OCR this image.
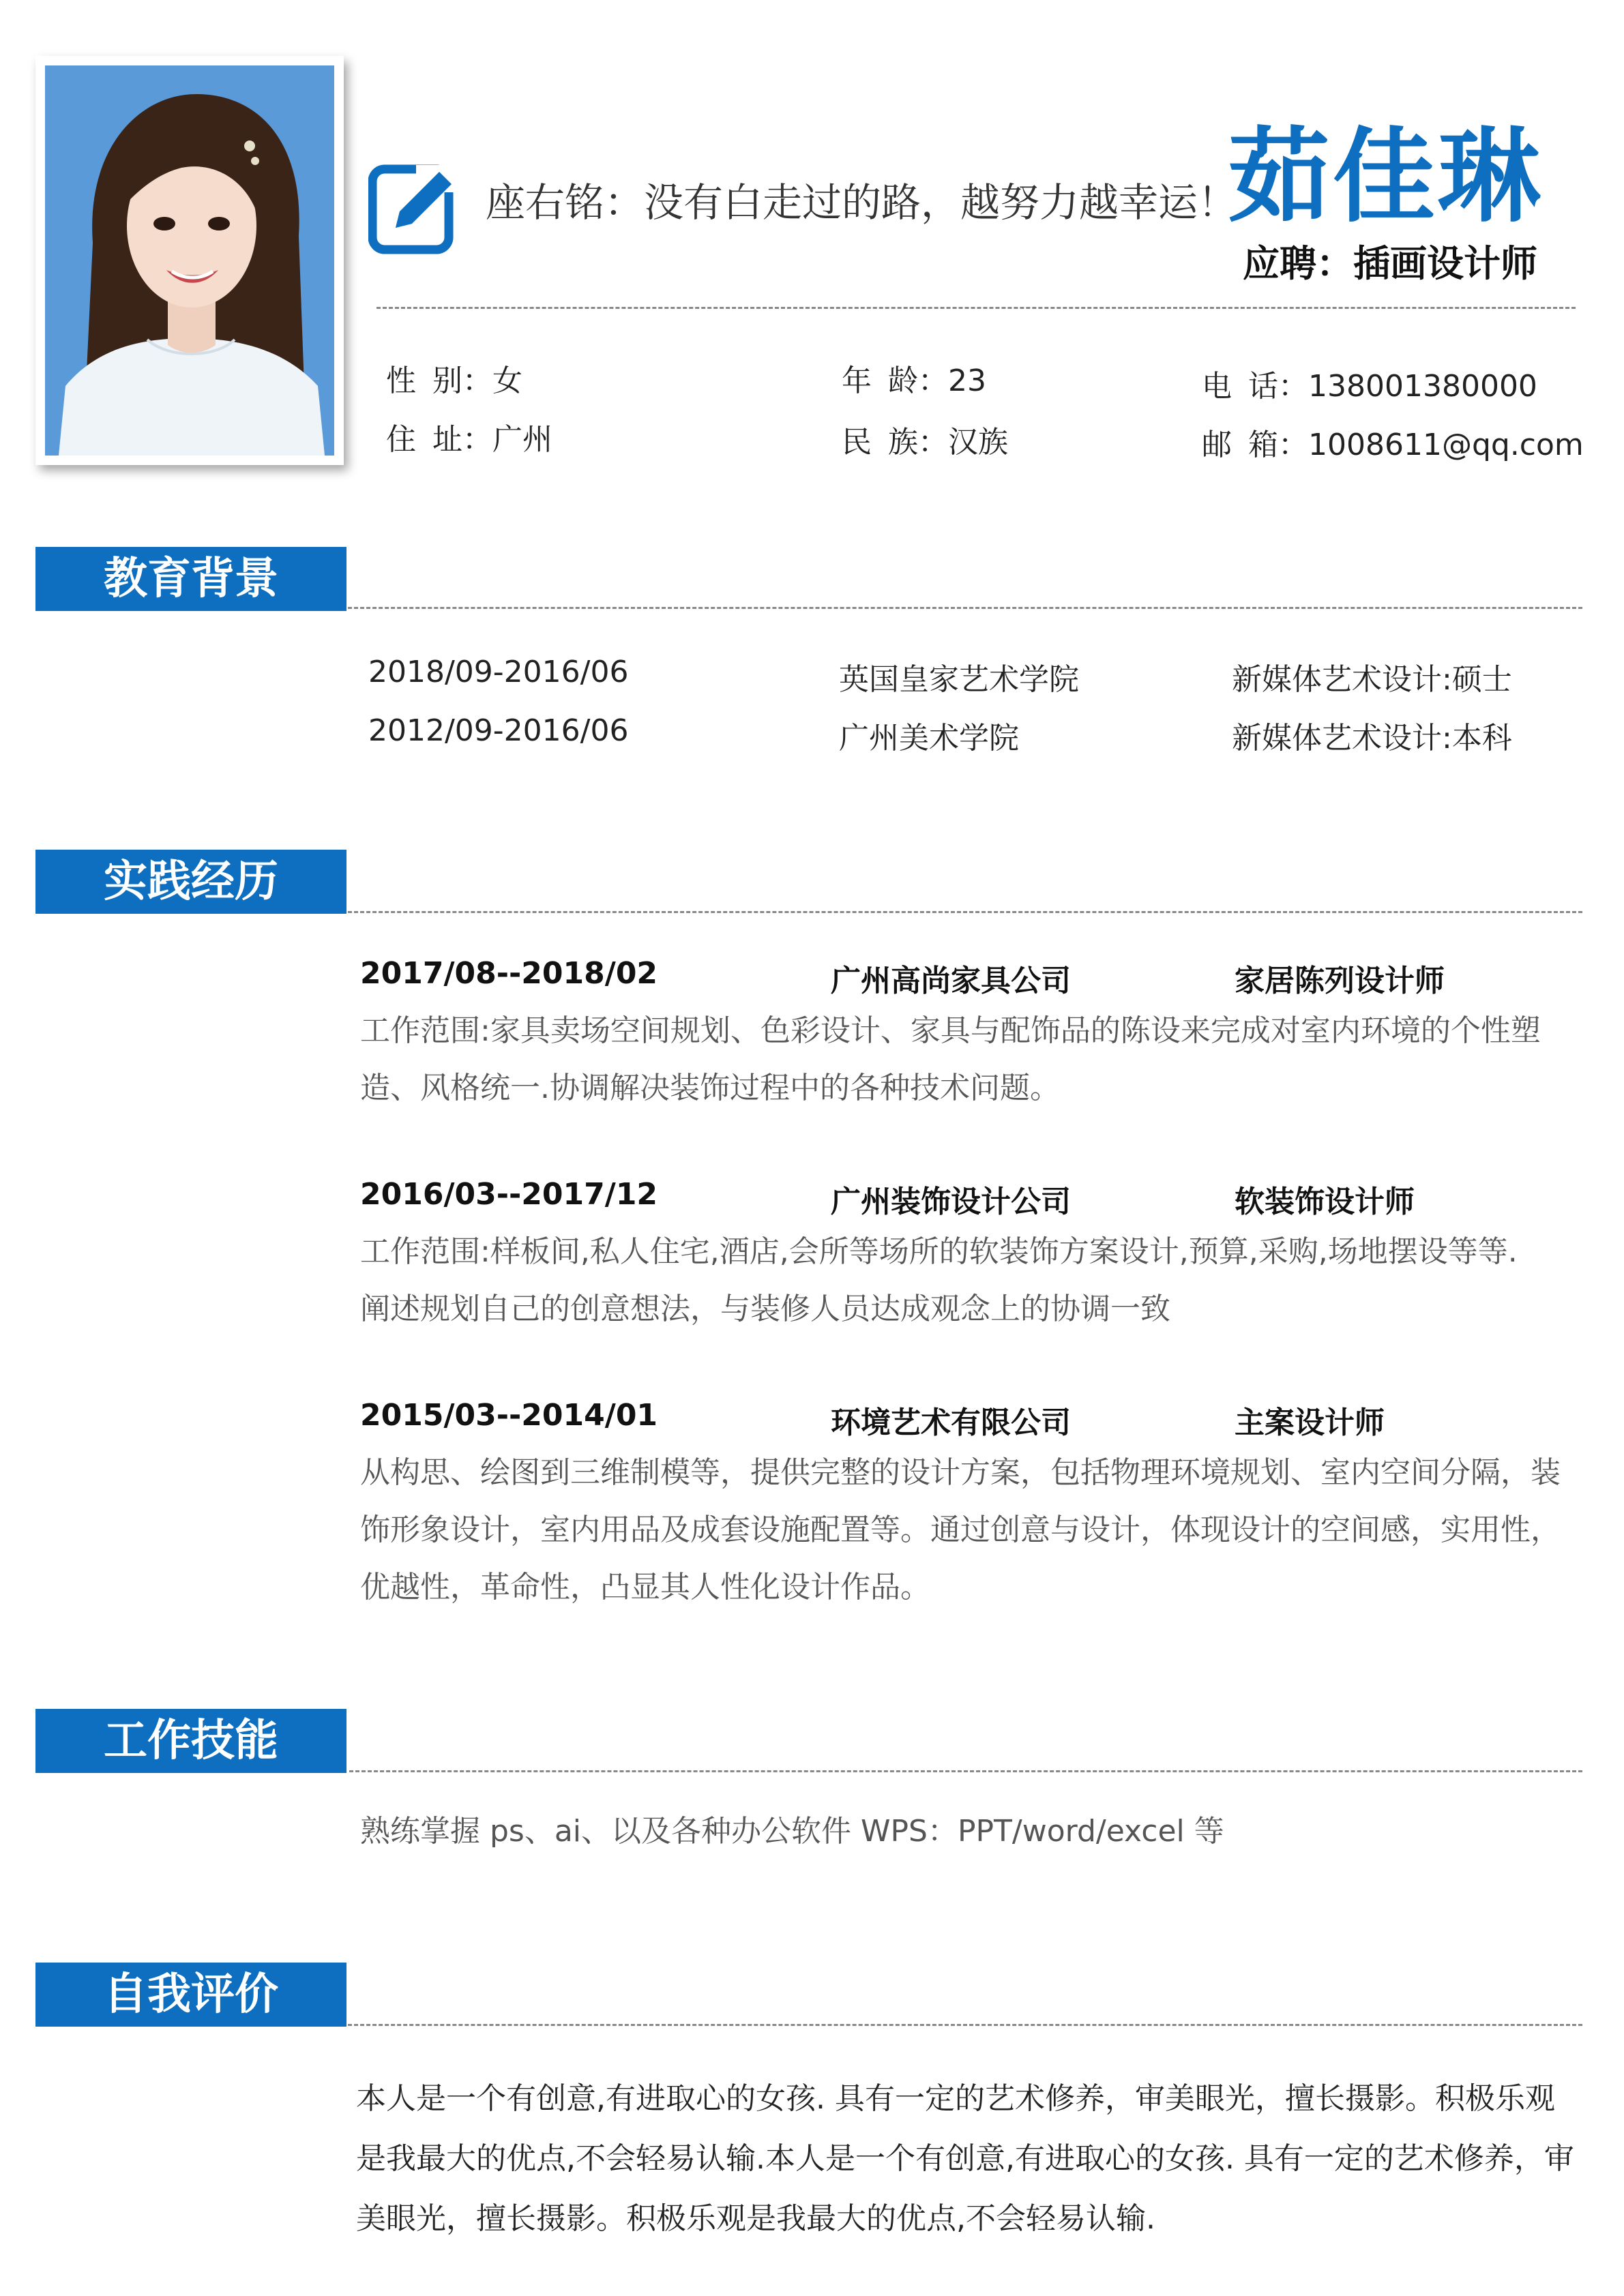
座右铭：没有白走过的路，越努力越幸运！
茹佳琳
应聘 ： 插画设计师
性 别 ： 女	年 龄 ： 23	电 话 ： 138001380000
住 址 ： 广州	民 族 ： 汉族	邮 箱 ： 1008611@qq.com
教育背景
2018/09-2016/06	英国皇家艺术学院	新媒体艺术设计:硕士
2012/09-2016/06	广州美术学院	新媒体艺术设计:本科
实践经历
2017/08--2018/02	广州高尚家具公司	家居陈列设计师
工作范围:家具卖场空间规划、色彩设计、家具与配饰品的陈设来完成对室内环境的个性塑造、风格统一.协调解决装饰过程中的各种技术问题。
2016/03--2017/12	广州装饰设计公司	软装饰设计师
工作范围:样板间,私人住宅,酒店,会所等场所的软装饰方案设计,预算,采购,场地摆设等等.
阐述规划自己的创意想法，与装修人员达成观念上的协调一致
2015/03--2014/01	环境艺术有限公司	主案设计师
从构思、绘图到三维制模等，提供完整的设计方案，包括物理环境规划、室内空间分隔，装饰形象设计，室内用品及成套设施配置等。通过创意与设计，体现设计的空间感，实用性，优越性，革命性，凸显其人性化设计作品。
工作技能
熟练掌握 ps、ai、以及各种办公软件 WPS：PPT/word/excel 等
自我评价
本人是一个有创意,有进取心的女孩. 具有一定的艺术修养，审美眼光，擅长摄影。积极乐观是我最大的优点,不会轻易认输.本人是一个有创意,有进取心的女孩. 具有一定的艺术修养，审美眼光，擅长摄影。积极乐观是我最大的优点,不会轻易认输.
